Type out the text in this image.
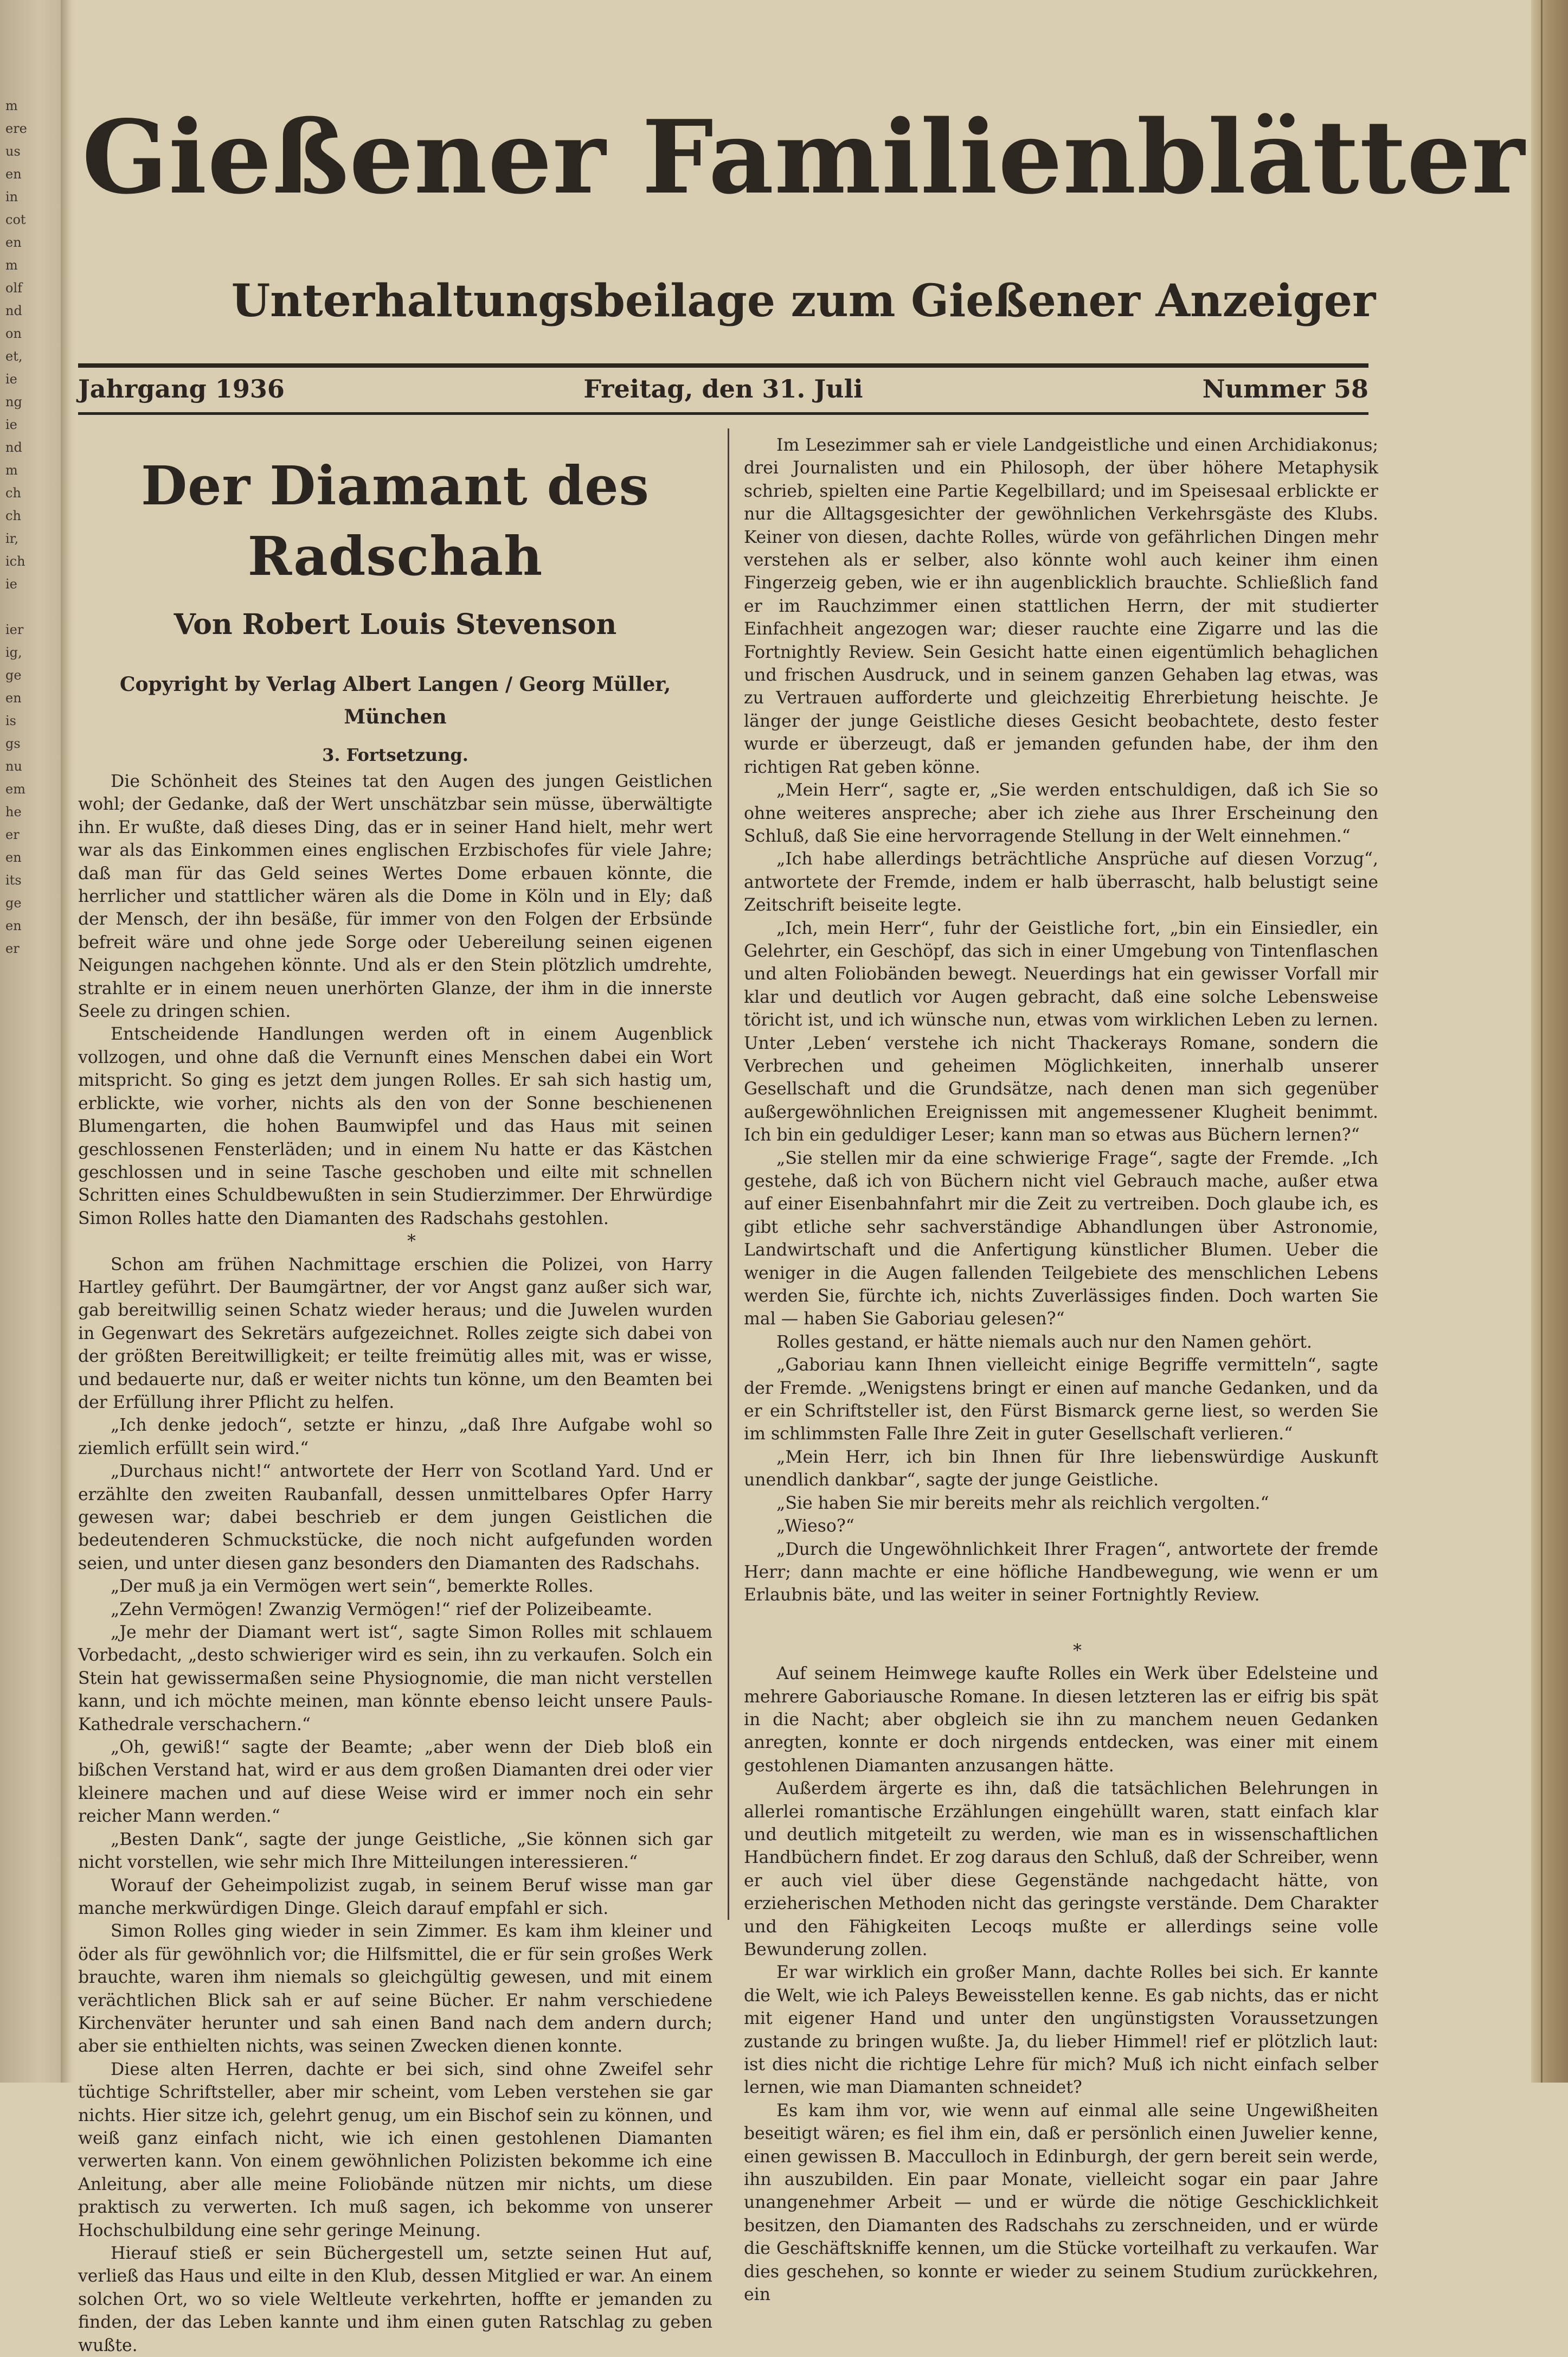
m
ere
us
en
in
cot
en
m
olf
nd
on
et,
ie
ng
ie
nd
m
ch
ch
ir,
ich
ie
ier
ig,
ge
en
is
gs
nu
em
he
er
en
its
ge
en
er
Gießener Familienblätter
Unterhaltungsbeilage zum Gießener Anzeiger
Jahrgang 1936	Freitag, den 31. Juli	Nummer 58
Der Diamant des Radschah
Von Robert Louis Stevenson
Copyright by Verlag Albert Langen / Georg Müller, München
3. Fortsetzung.

Die Schönheit des Steines tat den Augen des jungen Geistlichen wohl; der Gedanke, daß der Wert unschätzbar sein müsse, überwältigte ihn. Er wußte, daß dieses Ding, das er in seiner Hand hielt, mehr wert war als das Einkommen eines englischen Erzbischofes für viele Jahre; daß man für das Geld seines Wertes Dome erbauen könnte, die herrlicher und stattlicher wären als die Dome in Köln und in Ely; daß der Mensch, der ihn besäße, für immer von den Folgen der Erbsünde befreit wäre und ohne jede Sorge oder Uebereilung seinen eigenen Neigungen nachgehen könnte. Und als er den Stein plötzlich umdrehte, strahlte er in einem neuen unerhörten Glanze, der ihm in die innerste Seele zu dringen schien.

Entscheidende Handlungen werden oft in einem Augenblick vollzogen, und ohne daß die Vernunft eines Menschen dabei ein Wort mitspricht. So ging es jetzt dem jungen Rolles. Er sah sich hastig um, erblickte, wie vorher, nichts als den von der Sonne beschienenen Blumengarten, die hohen Baumwipfel und das Haus mit seinen geschlossenen Fensterläden; und in einem Nu hatte er das Kästchen geschlossen und in seine Tasche geschoben und eilte mit schnellen Schritten eines Schuldbewußten in sein Studierzimmer. Der Ehrwürdige Simon Rolles hatte den Diamanten des Radschahs gestohlen.

*

Schon am frühen Nachmittage erschien die Polizei, von Harry Hartley geführt. Der Baumgärtner, der vor Angst ganz außer sich war, gab bereitwillig seinen Schatz wieder heraus; und die Juwelen wurden in Gegenwart des Sekretärs aufgezeichnet. Rolles zeigte sich dabei von der größten Bereitwilligkeit; er teilte freimütig alles mit, was er wisse, und bedauerte nur, daß er weiter nichts tun könne, um den Beamten bei der Erfüllung ihrer Pflicht zu helfen.

„Ich denke jedoch“, setzte er hinzu, „daß Ihre Aufgabe wohl so ziemlich erfüllt sein wird.“

„Durchaus nicht!“ antwortete der Herr von Scotland Yard. Und er erzählte den zweiten Raubanfall, dessen unmittelbares Opfer Harry gewesen war; dabei beschrieb er dem jungen Geistlichen die bedeutenderen Schmuckstücke, die noch nicht aufgefunden worden seien, und unter diesen ganz besonders den Diamanten des Radschahs.

„Der muß ja ein Vermögen wert sein“, bemerkte Rolles.

„Zehn Vermögen! Zwanzig Vermögen!“ rief der Polizeibeamte.

„Je mehr der Diamant wert ist“, sagte Simon Rolles mit schlauem Vorbedacht, „desto schwieriger wird es sein, ihn zu verkaufen. Solch ein Stein hat gewissermaßen seine Physiognomie, die man nicht verstellen kann, und ich möchte meinen, man könnte ebenso leicht unsere Pauls-Kathedrale verschachern.“

„Oh, gewiß!“ sagte der Beamte; „aber wenn der Dieb bloß ein bißchen Verstand hat, wird er aus dem großen Diamanten drei oder vier kleinere machen und auf diese Weise wird er immer noch ein sehr reicher Mann werden.“

„Besten Dank“, sagte der junge Geistliche, „Sie können sich gar nicht vorstellen, wie sehr mich Ihre Mitteilungen interessieren.“

Worauf der Geheimpolizist zugab, in seinem Beruf wisse man gar manche merkwürdigen Dinge. Gleich darauf empfahl er sich.

Simon Rolles ging wieder in sein Zimmer. Es kam ihm kleiner und öder als für gewöhnlich vor; die Hilfsmittel, die er für sein großes Werk brauchte, waren ihm niemals so gleichgültig gewesen, und mit einem verächtlichen Blick sah er auf seine Bücher. Er nahm verschiedene Kirchenväter herunter und sah einen Band nach dem andern durch; aber sie enthielten nichts, was seinen Zwecken dienen konnte.

Diese alten Herren, dachte er bei sich, sind ohne Zweifel sehr tüchtige Schriftsteller, aber mir scheint, vom Leben verstehen sie gar nichts. Hier sitze ich, gelehrt genug, um ein Bischof sein zu können, und weiß ganz einfach nicht, wie ich einen gestohlenen Diamanten verwerten kann. Von einem gewöhnlichen Polizisten bekomme ich eine Anleitung, aber alle meine Foliobände nützen mir nichts, um diese praktisch zu verwerten. Ich muß sagen, ich bekomme von unserer Hochschulbildung eine sehr geringe Meinung.

Hierauf stieß er sein Büchergestell um, setzte seinen Hut auf, verließ das Haus und eilte in den Klub, dessen Mitglied er war. An einem solchen Ort, wo so viele Weltleute verkehrten, hoffte er jemanden zu finden, der das Leben kannte und ihm einen guten Ratschlag zu geben wußte.

Im Lesezimmer sah er viele Landgeistliche und einen Archidiakonus; drei Journalisten und ein Philosoph, der über höhere Metaphysik schrieb, spielten eine Partie Kegelbillard; und im Speisesaal erblickte er nur die Alltagsgesichter der gewöhnlichen Verkehrsgäste des Klubs. Keiner von diesen, dachte Rolles, würde von gefährlichen Dingen mehr verstehen als er selber, also könnte wohl auch keiner ihm einen Fingerzeig geben, wie er ihn augenblicklich brauchte. Schließlich fand er im Rauchzimmer einen stattlichen Herrn, der mit studierter Einfachheit angezogen war; dieser rauchte eine Zigarre und las die Fortnightly Review. Sein Gesicht hatte einen eigentümlich behaglichen und frischen Ausdruck, und in seinem ganzen Gehaben lag etwas, was zu Vertrauen aufforderte und gleichzeitig Ehrerbietung heischte. Je länger der junge Geistliche dieses Gesicht beobachtete, desto fester wurde er überzeugt, daß er jemanden gefunden habe, der ihm den richtigen Rat geben könne.

„Mein Herr“, sagte er, „Sie werden entschuldigen, daß ich Sie so ohne weiteres anspreche; aber ich ziehe aus Ihrer Erscheinung den Schluß, daß Sie eine hervorragende Stellung in der Welt einnehmen.“

„Ich habe allerdings beträchtliche Ansprüche auf diesen Vorzug“, antwortete der Fremde, indem er halb überrascht, halb belustigt seine Zeitschrift beiseite legte.

„Ich, mein Herr“, fuhr der Geistliche fort, „bin ein Einsiedler, ein Gelehrter, ein Geschöpf, das sich in einer Umgebung von Tintenflaschen und alten Foliobänden bewegt. Neuerdings hat ein gewisser Vorfall mir klar und deutlich vor Augen gebracht, daß eine solche Lebensweise töricht ist, und ich wünsche nun, etwas vom wirklichen Leben zu lernen. Unter ‚Leben‘ verstehe ich nicht Thackerays Romane, sondern die Verbrechen und geheimen Möglichkeiten, innerhalb unserer Gesellschaft und die Grundsätze, nach denen man sich gegenüber außergewöhnlichen Ereignissen mit angemessener Klugheit benimmt. Ich bin ein geduldiger Leser; kann man so etwas aus Büchern lernen?“

„Sie stellen mir da eine schwierige Frage“, sagte der Fremde. „Ich gestehe, daß ich von Büchern nicht viel Gebrauch mache, außer etwa auf einer Eisenbahnfahrt mir die Zeit zu vertreiben. Doch glaube ich, es gibt etliche sehr sachverständige Abhandlungen über Astronomie, Landwirtschaft und die Anfertigung künstlicher Blumen. Ueber die weniger in die Augen fallenden Teilgebiete des menschlichen Lebens werden Sie, fürchte ich, nichts Zuverlässiges finden. Doch warten Sie mal — haben Sie Gaboriau gelesen?“

Rolles gestand, er hätte niemals auch nur den Namen gehört.

„Gaboriau kann Ihnen vielleicht einige Begriffe vermitteln“, sagte der Fremde. „Wenigstens bringt er einen auf manche Gedanken, und da er ein Schriftsteller ist, den Fürst Bismarck gerne liest, so werden Sie im schlimmsten Falle Ihre Zeit in guter Gesellschaft verlieren.“

„Mein Herr, ich bin Ihnen für Ihre liebenswürdige Auskunft unendlich dankbar“, sagte der junge Geistliche.

„Sie haben Sie mir bereits mehr als reichlich vergolten.“

„Wieso?“

„Durch die Ungewöhnlichkeit Ihrer Fragen“, antwortete der fremde Herr; dann machte er eine höfliche Handbewegung, wie wenn er um Erlaubnis bäte, und las weiter in seiner Fortnightly Review.

*

Auf seinem Heimwege kaufte Rolles ein Werk über Edelsteine und mehrere Gaboriausche Romane. In diesen letzteren las er eifrig bis spät in die Nacht; aber obgleich sie ihn zu manchem neuen Gedanken anregten, konnte er doch nirgends entdecken, was einer mit einem gestohlenen Diamanten anzusangen hätte.

Außerdem ärgerte es ihn, daß die tatsächlichen Belehrungen in allerlei romantische Erzählungen eingehüllt waren, statt einfach klar und deutlich mitgeteilt zu werden, wie man es in wissenschaftlichen Handbüchern findet. Er zog daraus den Schluß, daß der Schreiber, wenn er auch viel über diese Gegenstände nachgedacht hätte, von erzieherischen Methoden nicht das geringste verstände. Dem Charakter und den Fähigkeiten Lecoqs mußte er allerdings seine volle Bewunderung zollen.

Er war wirklich ein großer Mann, dachte Rolles bei sich. Er kannte die Welt, wie ich Paleys Beweisstellen kenne. Es gab nichts, das er nicht mit eigener Hand und unter den ungünstigsten Voraussetzungen zustande zu bringen wußte. Ja, du lieber Himmel! rief er plötzlich laut: ist dies nicht die richtige Lehre für mich? Muß ich nicht einfach selber lernen, wie man Diamanten schneidet?

Es kam ihm vor, wie wenn auf einmal alle seine Ungewißheiten beseitigt wären; es fiel ihm ein, daß er persönlich einen Juwelier kenne, einen gewissen B. Macculloch in Edinburgh, der gern bereit sein werde, ihn auszubilden. Ein paar Monate, vielleicht sogar ein paar Jahre unangenehmer Arbeit — und er würde die nötige Geschicklichkeit besitzen, den Diamanten des Radschahs zu zerschneiden, und er würde die Geschäftskniffe kennen, um die Stücke vorteilhaft zu verkaufen. War dies geschehen, so konnte er wieder zu seinem Studium zurückkehren, ein
